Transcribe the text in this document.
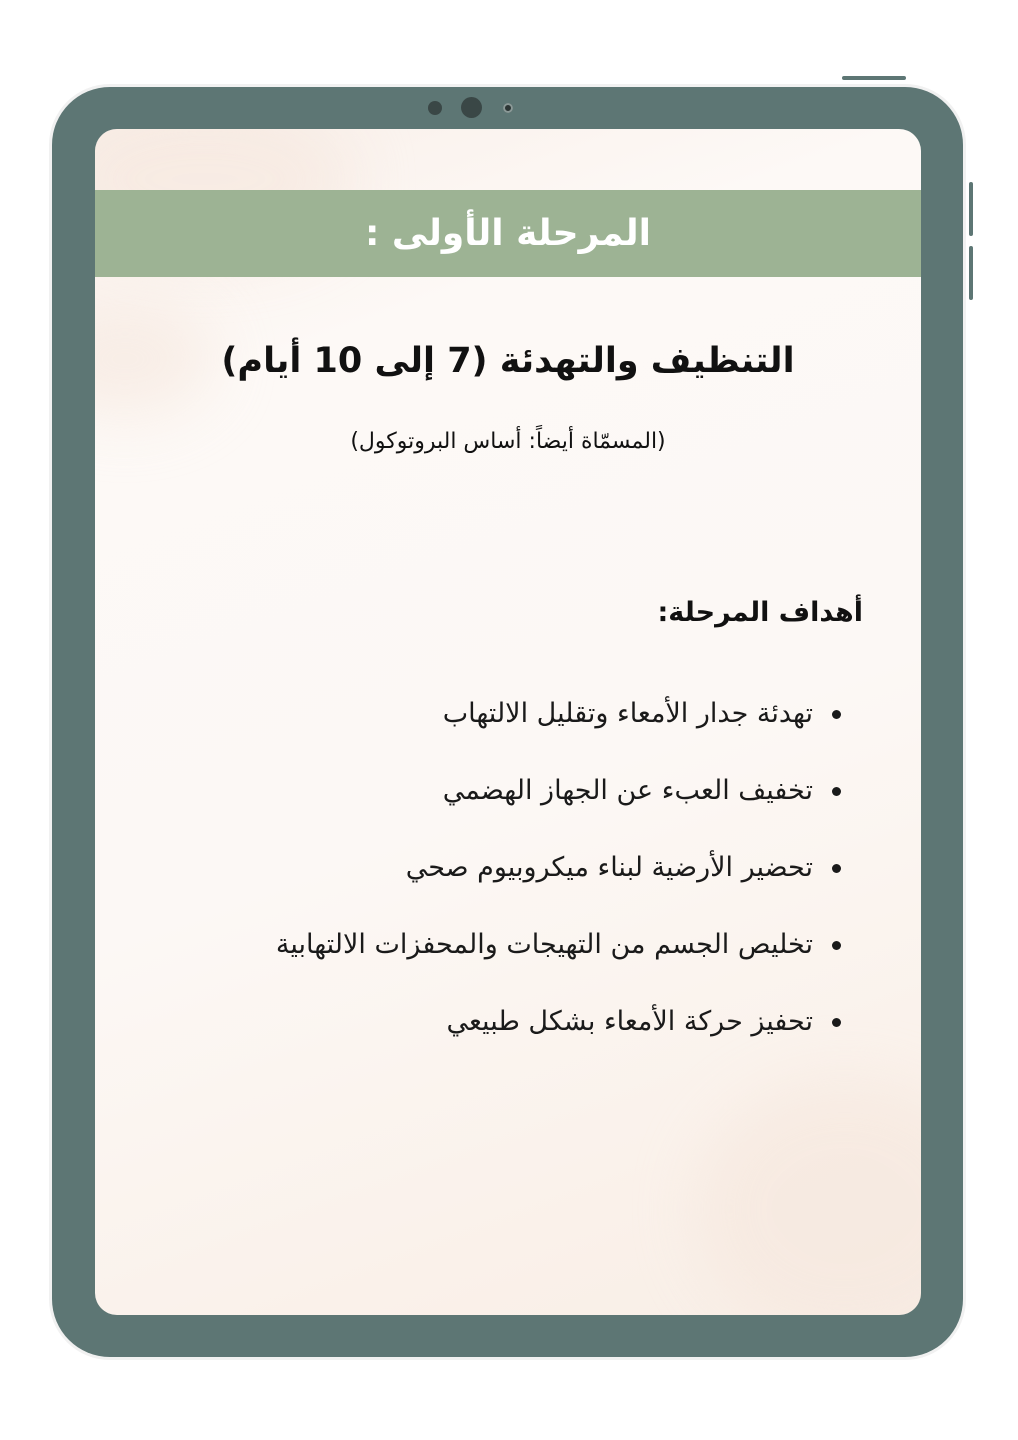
المرحلة الأولى :
التنظيف والتهدئة (7 إلى 10 أيام)
(المسمّاة أيضاً: أساس البروتوكول)
أهداف المرحلة:
تهدئة جدار الأمعاء وتقليل الالتهاب
تخفيف العبء عن الجهاز الهضمي
تحضير الأرضية لبناء ميكروبيوم صحي
تخليص الجسم من التهيجات والمحفزات الالتهابية
تحفيز حركة الأمعاء بشكل طبيعي
